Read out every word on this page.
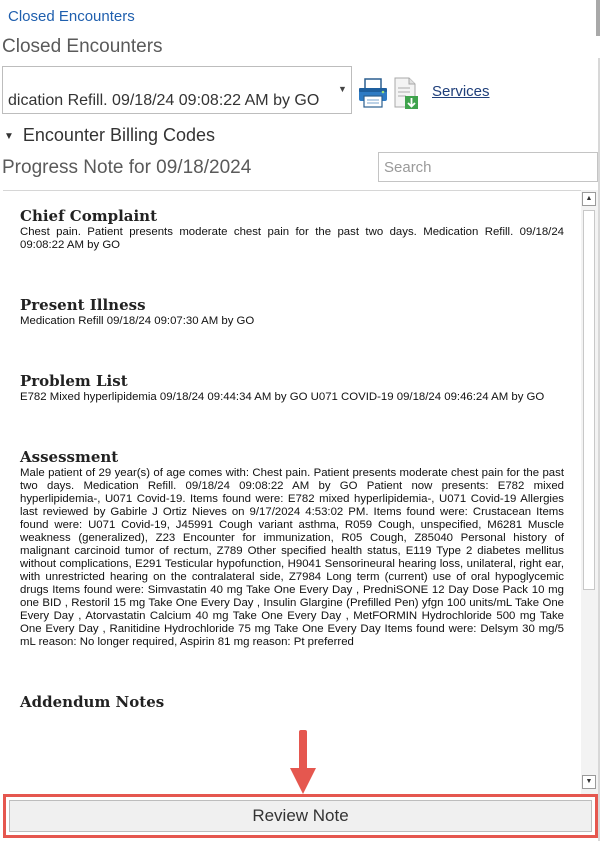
Closed Encounters
Closed Encounters
dication Refill. 09/18/24 09:08:22 AM by GO
▼	Services
▼ Encounter Billing Codes
Progress Note for 09/18/2024
Search
Chief Complaint

Chest pain. Patient presents moderate chest pain for the past two days. Medication Refill. 09/18/24 09:08:22 AM by GO

Present Illness

Medication Refill 09/18/24 09:07:30 AM by GO

Problem List

E782 Mixed hyperlipidemia 09/18/24 09:44:34 AM by GO U071 COVID-19 09/18/24 09:46:24 AM by GO

Assessment

Male patient of 29 year(s) of age comes with: Chest pain. Patient presents moderate chest pain for the past two days. Medication Refill. 09/18/24 09:08:22 AM by GO Patient now presents: E782 mixed hyperlipidemia-, U071 Covid-19. Items found were: E782 mixed hyperlipidemia-, U071 Covid-19 Allergies last reviewed by Gabirle J Ortiz Nieves on 9/17/2024 4:53:02 PM. Items found were: Crustacean Items found were: U071 Covid-19, J45991 Cough variant asthma, R059 Cough, unspecified, M6281 Muscle weakness (generalized), Z23 Encounter for immunization, R05 Cough, Z85040 Personal history of malignant carcinoid tumor of rectum, Z789 Other specified health status, E119 Type 2 diabetes mellitus without complications, E291 Testicular hypofunction, H9041 Sensorineural hearing loss, unilateral, right ear, with unrestricted hearing on the contralateral side, Z7984 Long term (current) use of oral hypoglycemic drugs Items found were: Simvastatin 40 mg Take One Every Day , PredniSONE 12 Day Dose Pack 10 mg one BID , Restoril 15 mg Take One Every Day , Insulin Glargine (Prefilled Pen) yfgn 100 units/mL Take One Every Day , Atorvastatin Calcium 40 mg Take One Every Day , MetFORMIN Hydrochloride 500 mg Take One Every Day , Ranitidine Hydrochloride 75 mg Take One Every Day Items found were: Delsym 30 mg/5 mL reason: No longer required, Aspirin 81 mg reason: Pt preferred

Addendum Notes

▲
▼
Review Note
